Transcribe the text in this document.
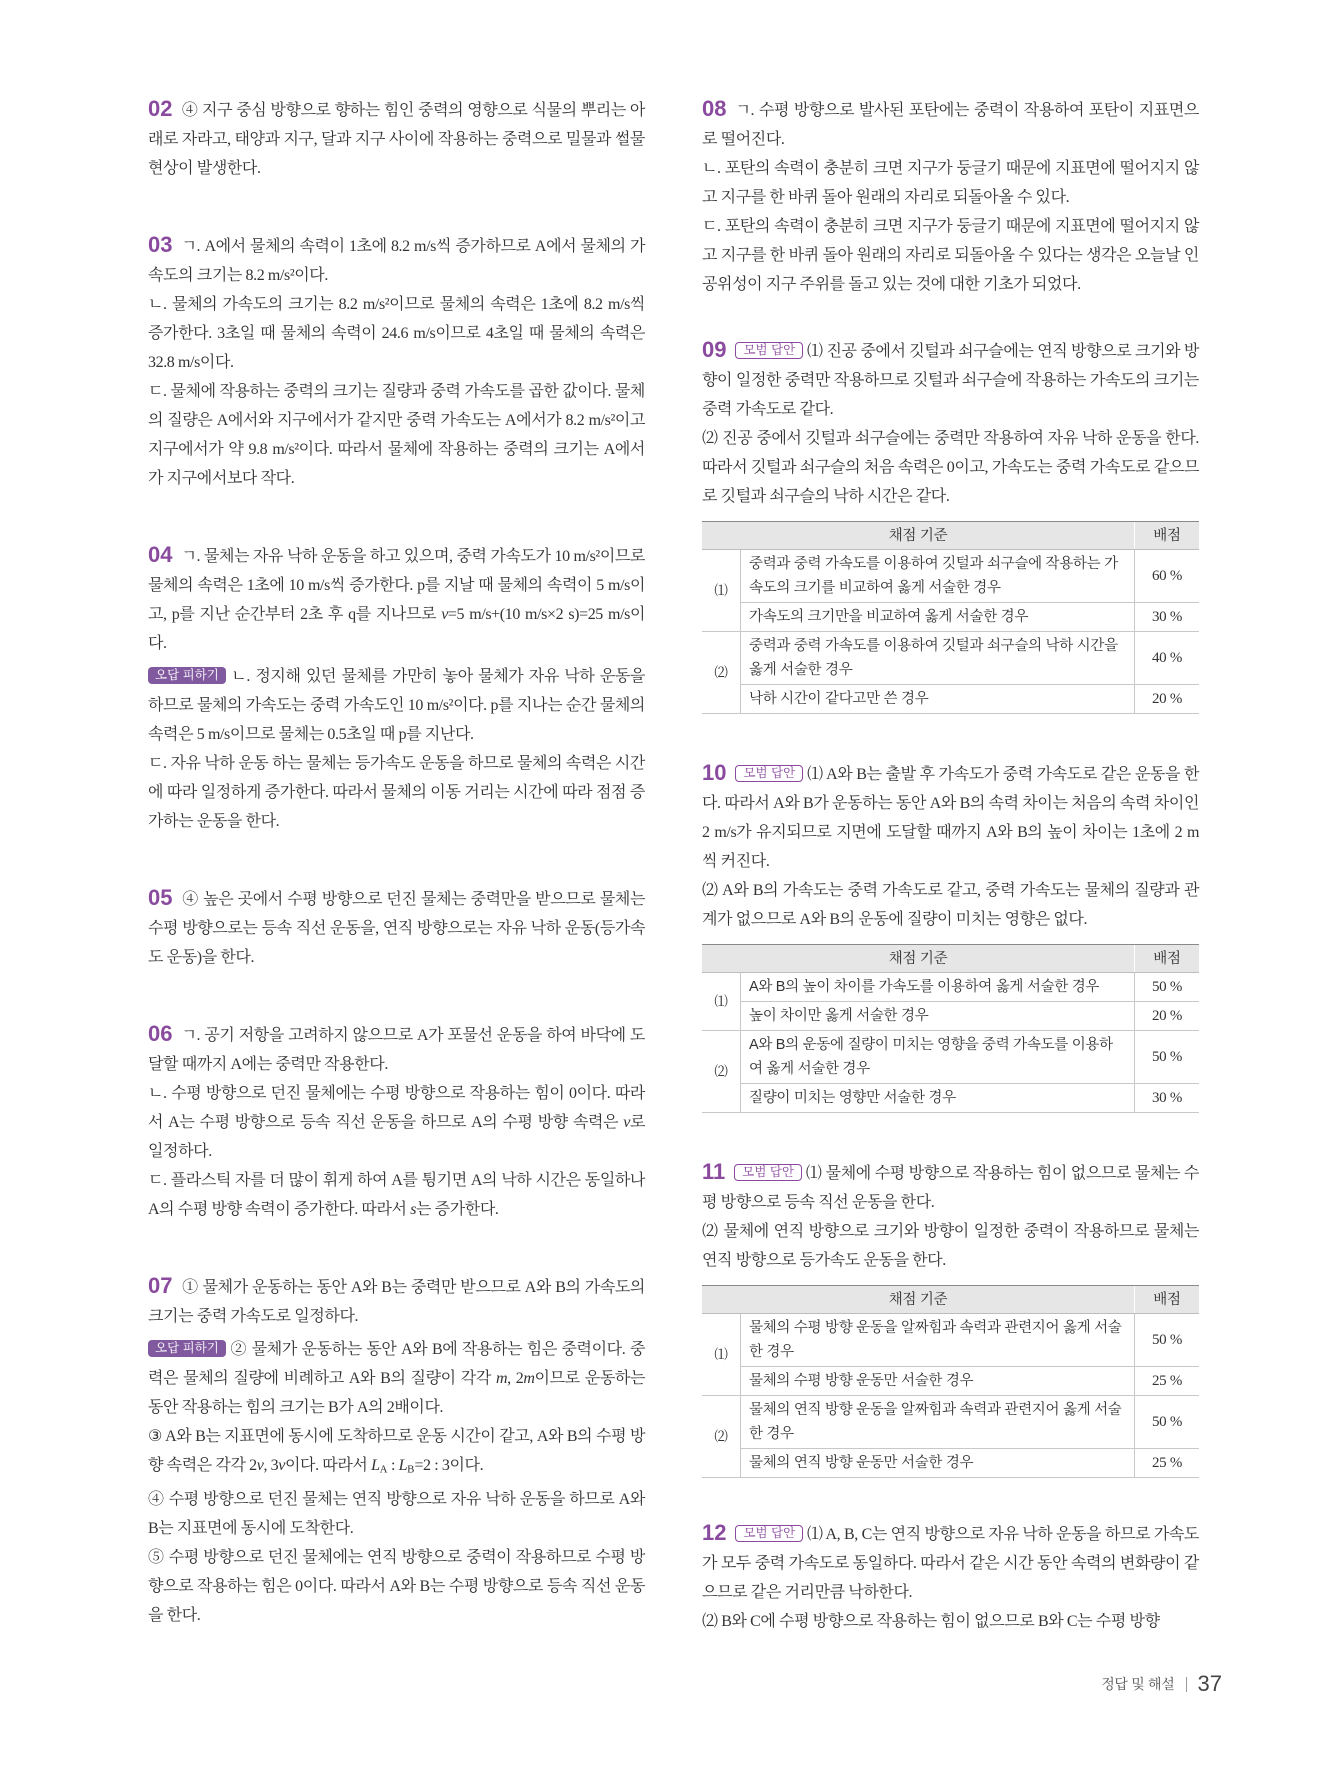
02 ④ 지구 중심 방향으로 향하는 힘인 중력의 영향으로 식물의 뿌리는 아래로 자라고, 태양과 지구, 달과 지구 사이에 작용하는 중력으로 밀물과 썰물 현상이 발생한다.

03 ㄱ. A에서 물체의 속력이 1초에 8.2 m/s씩 증가하므로 A에서 물체의 가속도의 크기는 8.2 m/s²이다.

ㄴ. 물체의 가속도의 크기는 8.2 m/s²이므로 물체의 속력은 1초에 8.2 m/s씩 증가한다. 3초일 때 물체의 속력이 24.6 m/s이므로 4초일 때 물체의 속력은 32.8 m/s이다.

ㄷ. 물체에 작용하는 중력의 크기는 질량과 중력 가속도를 곱한 값이다. 물체의 질량은 A에서와 지구에서가 같지만 중력 가속도는 A에서가 8.2 m/s²이고 지구에서가 약 9.8 m/s²이다. 따라서 물체에 작용하는 중력의 크기는 A에서가 지구에서보다 작다.

04 ㄱ. 물체는 자유 낙하 운동을 하고 있으며, 중력 가속도가 10 m/s²이므로 물체의 속력은 1초에 10 m/s씩 증가한다. p를 지날 때 물체의 속력이 5 m/s이고, p를 지난 순간부터 2초 후 q를 지나므로 v=5 m/s+(10 m/s×2 s)=25 m/s이다.

오답 피하기 ㄴ. 정지해 있던 물체를 가만히 놓아 물체가 자유 낙하 운동을 하므로 물체의 가속도는 중력 가속도인 10 m/s²이다. p를 지나는 순간 물체의 속력은 5 m/s이므로 물체는 0.5초일 때 p를 지난다.

ㄷ. 자유 낙하 운동 하는 물체는 등가속도 운동을 하므로 물체의 속력은 시간에 따라 일정하게 증가한다. 따라서 물체의 이동 거리는 시간에 따라 점점 증가하는 운동을 한다.

05 ④ 높은 곳에서 수평 방향으로 던진 물체는 중력만을 받으므로 물체는 수평 방향으로는 등속 직선 운동을, 연직 방향으로는 자유 낙하 운동(등가속도 운동)을 한다.

06 ㄱ. 공기 저항을 고려하지 않으므로 A가 포물선 운동을 하여 바닥에 도달할 때까지 A에는 중력만 작용한다.

ㄴ. 수평 방향으로 던진 물체에는 수평 방향으로 작용하는 힘이 0이다. 따라서 A는 수평 방향으로 등속 직선 운동을 하므로 A의 수평 방향 속력은 v로 일정하다.

ㄷ. 플라스틱 자를 더 많이 휘게 하여 A를 튕기면 A의 낙하 시간은 동일하나 A의 수평 방향 속력이 증가한다. 따라서 s는 증가한다.

07 ① 물체가 운동하는 동안 A와 B는 중력만 받으므로 A와 B의 가속도의 크기는 중력 가속도로 일정하다.

오답 피하기 ② 물체가 운동하는 동안 A와 B에 작용하는 힘은 중력이다. 중력은 물체의 질량에 비례하고 A와 B의 질량이 각각 m, 2m이므로 운동하는 동안 작용하는 힘의 크기는 B가 A의 2배이다.

③ A와 B는 지표면에 동시에 도착하므로 운동 시간이 같고, A와 B의 수평 방향 속력은 각각 2v, 3v이다. 따라서 $L_A$ : $L_B=2$ : 3이다.

④ 수평 방향으로 던진 물체는 연직 방향으로 자유 낙하 운동을 하므로 A와 B는 지표면에 동시에 도착한다.

⑤ 수평 방향으로 던진 물체에는 연직 방향으로 중력이 작용하므로 수평 방향으로 작용하는 힘은 0이다. 따라서 A와 B는 수평 방향으로 등속 직선 운동을 한다.

08 ㄱ. 수평 방향으로 발사된 포탄에는 중력이 작용하여 포탄이 지표면으로 떨어진다.

ㄴ. 포탄의 속력이 충분히 크면 지구가 둥글기 때문에 지표면에 떨어지지 않고 지구를 한 바퀴 돌아 원래의 자리로 되돌아올 수 있다.

ㄷ. 포탄의 속력이 충분히 크면 지구가 둥글기 때문에 지표면에 떨어지지 않고 지구를 한 바퀴 돌아 원래의 자리로 되돌아올 수 있다는 생각은 오늘날 인공위성이 지구 주위를 돌고 있는 것에 대한 기초가 되었다.

09 모범 답안 ⑴ 진공 중에서 깃털과 쇠구슬에는 연직 방향으로 크기와 방향이 일정한 중력만 작용하므로 깃털과 쇠구슬에 작용하는 가속도의 크기는 중력 가속도로 같다.

⑵ 진공 중에서 깃털과 쇠구슬에는 중력만 작용하여 자유 낙하 운동을 한다. 따라서 깃털과 쇠구슬의 처음 속력은 0이고, 가속도는 중력 가속도로 같으므로 깃털과 쇠구슬의 낙하 시간은 같다.

채점 기준		배점
⑴	중력과 중력 가속도를 이용하여 깃털과 쇠구슬에 작용하는 가속도의 크기를 비교하여 옳게 서술한 경우	60 %
	가속도의 크기만을 비교하여 옳게 서술한 경우	30 %
⑵	중력과 중력 가속도를 이용하여 깃털과 쇠구슬의 낙하 시간을 옳게 서술한 경우	40 %
	낙하 시간이 같다고만 쓴 경우	20 %

10 모범 답안 ⑴ A와 B는 출발 후 가속도가 중력 가속도로 같은 운동을 한다. 따라서 A와 B가 운동하는 동안 A와 B의 속력 차이는 처음의 속력 차이인 2 m/s가 유지되므로 지면에 도달할 때까지 A와 B의 높이 차이는 1초에 2 m씩 커진다.

⑵ A와 B의 가속도는 중력 가속도로 같고, 중력 가속도는 물체의 질량과 관계가 없으므로 A와 B의 운동에 질량이 미치는 영향은 없다.

채점 기준		배점
⑴	A와 B의 높이 차이를 가속도를 이용하여 옳게 서술한 경우	50 %
	높이 차이만 옳게 서술한 경우	20 %
⑵	A와 B의 운동에 질량이 미치는 영향을 중력 가속도를 이용하여 옳게 서술한 경우	50 %
	질량이 미치는 영향만 서술한 경우	30 %

11 모범 답안 ⑴ 물체에 수평 방향으로 작용하는 힘이 없으므로 물체는 수평 방향으로 등속 직선 운동을 한다.

⑵ 물체에 연직 방향으로 크기와 방향이 일정한 중력이 작용하므로 물체는 연직 방향으로 등가속도 운동을 한다.

채점 기준		배점
⑴	물체의 수평 방향 운동을 알짜힘과 속력과 관련지어 옳게 서술한 경우	50 %
	물체의 수평 방향 운동만 서술한 경우	25 %
⑵	물체의 연직 방향 운동을 알짜힘과 속력과 관련지어 옳게 서술한 경우	50 %
	물체의 연직 방향 운동만 서술한 경우	25 %

12 모범 답안 ⑴ A, B, C는 연직 방향으로 자유 낙하 운동을 하므로 가속도가 모두 중력 가속도로 동일하다. 따라서 같은 시간 동안 속력의 변화량이 같으므로 같은 거리만큼 낙하한다.

⑵ B와 C에 수평 방향으로 작용하는 힘이 없으므로 B와 C는 수평 방향

정답 및 해설 37
